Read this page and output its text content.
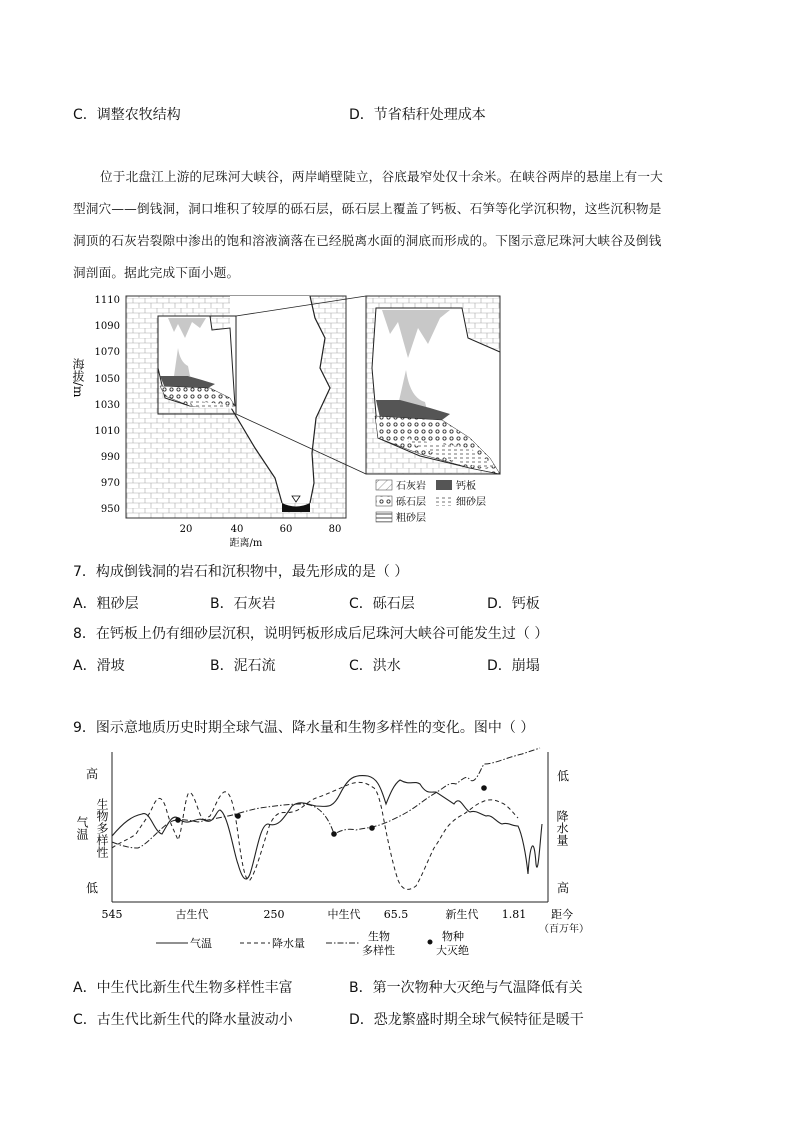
C．调整农牧结构	D．节省秸秆处理成本
位于北盘江上游的尼珠河大峡谷，两岸峭壁陡立，谷底最窄处仅十余米。在峡谷两岸的悬崖上有一大
型洞穴——倒钱洞，洞口堆积了较厚的砾石层，砾石层上覆盖了钙板、石笋等化学沉积物，这些沉积物是
洞顶的石灰岩裂隙中渗出的饱和溶液滴落在已经脱离水面的洞底而形成的。下图示意尼珠河大峡谷及倒钱
洞剖面。据此完成下面小题。
海拔/m
1110
1090
1070
1050
1030
1010
990
970
950
20	40	60	80
距离/m
石灰岩	钙板
砾石层	细砂层
粗砂层
7．构成倒钱洞的岩石和沉积物中，最先形成的是（ ）
A．粗砂层	B．石灰岩	C．砾石层	D．钙板
8．在钙板上仍有细砂层沉积，说明钙板形成后尼珠河大峡谷可能发生过（ ）
A．滑坡	B．泥石流	C．洪水	D．崩塌
9．图示意地质历史时期全球气温、降水量和生物多样性的变化。图中（ ）
高
低
气温 生物多样性
低
高
降水量
545	古生代	250	中生代 65.5	新生代 1.81 距今
（百万年）
气温	降水量
生物
多样性
物种
大灭绝
A．中生代比新生代生物多样性丰富	B．第一次物种大灭绝与气温降低有关
C．古生代比新生代的降水量波动小	D．恐龙繁盛时期全球气候特征是暖干
